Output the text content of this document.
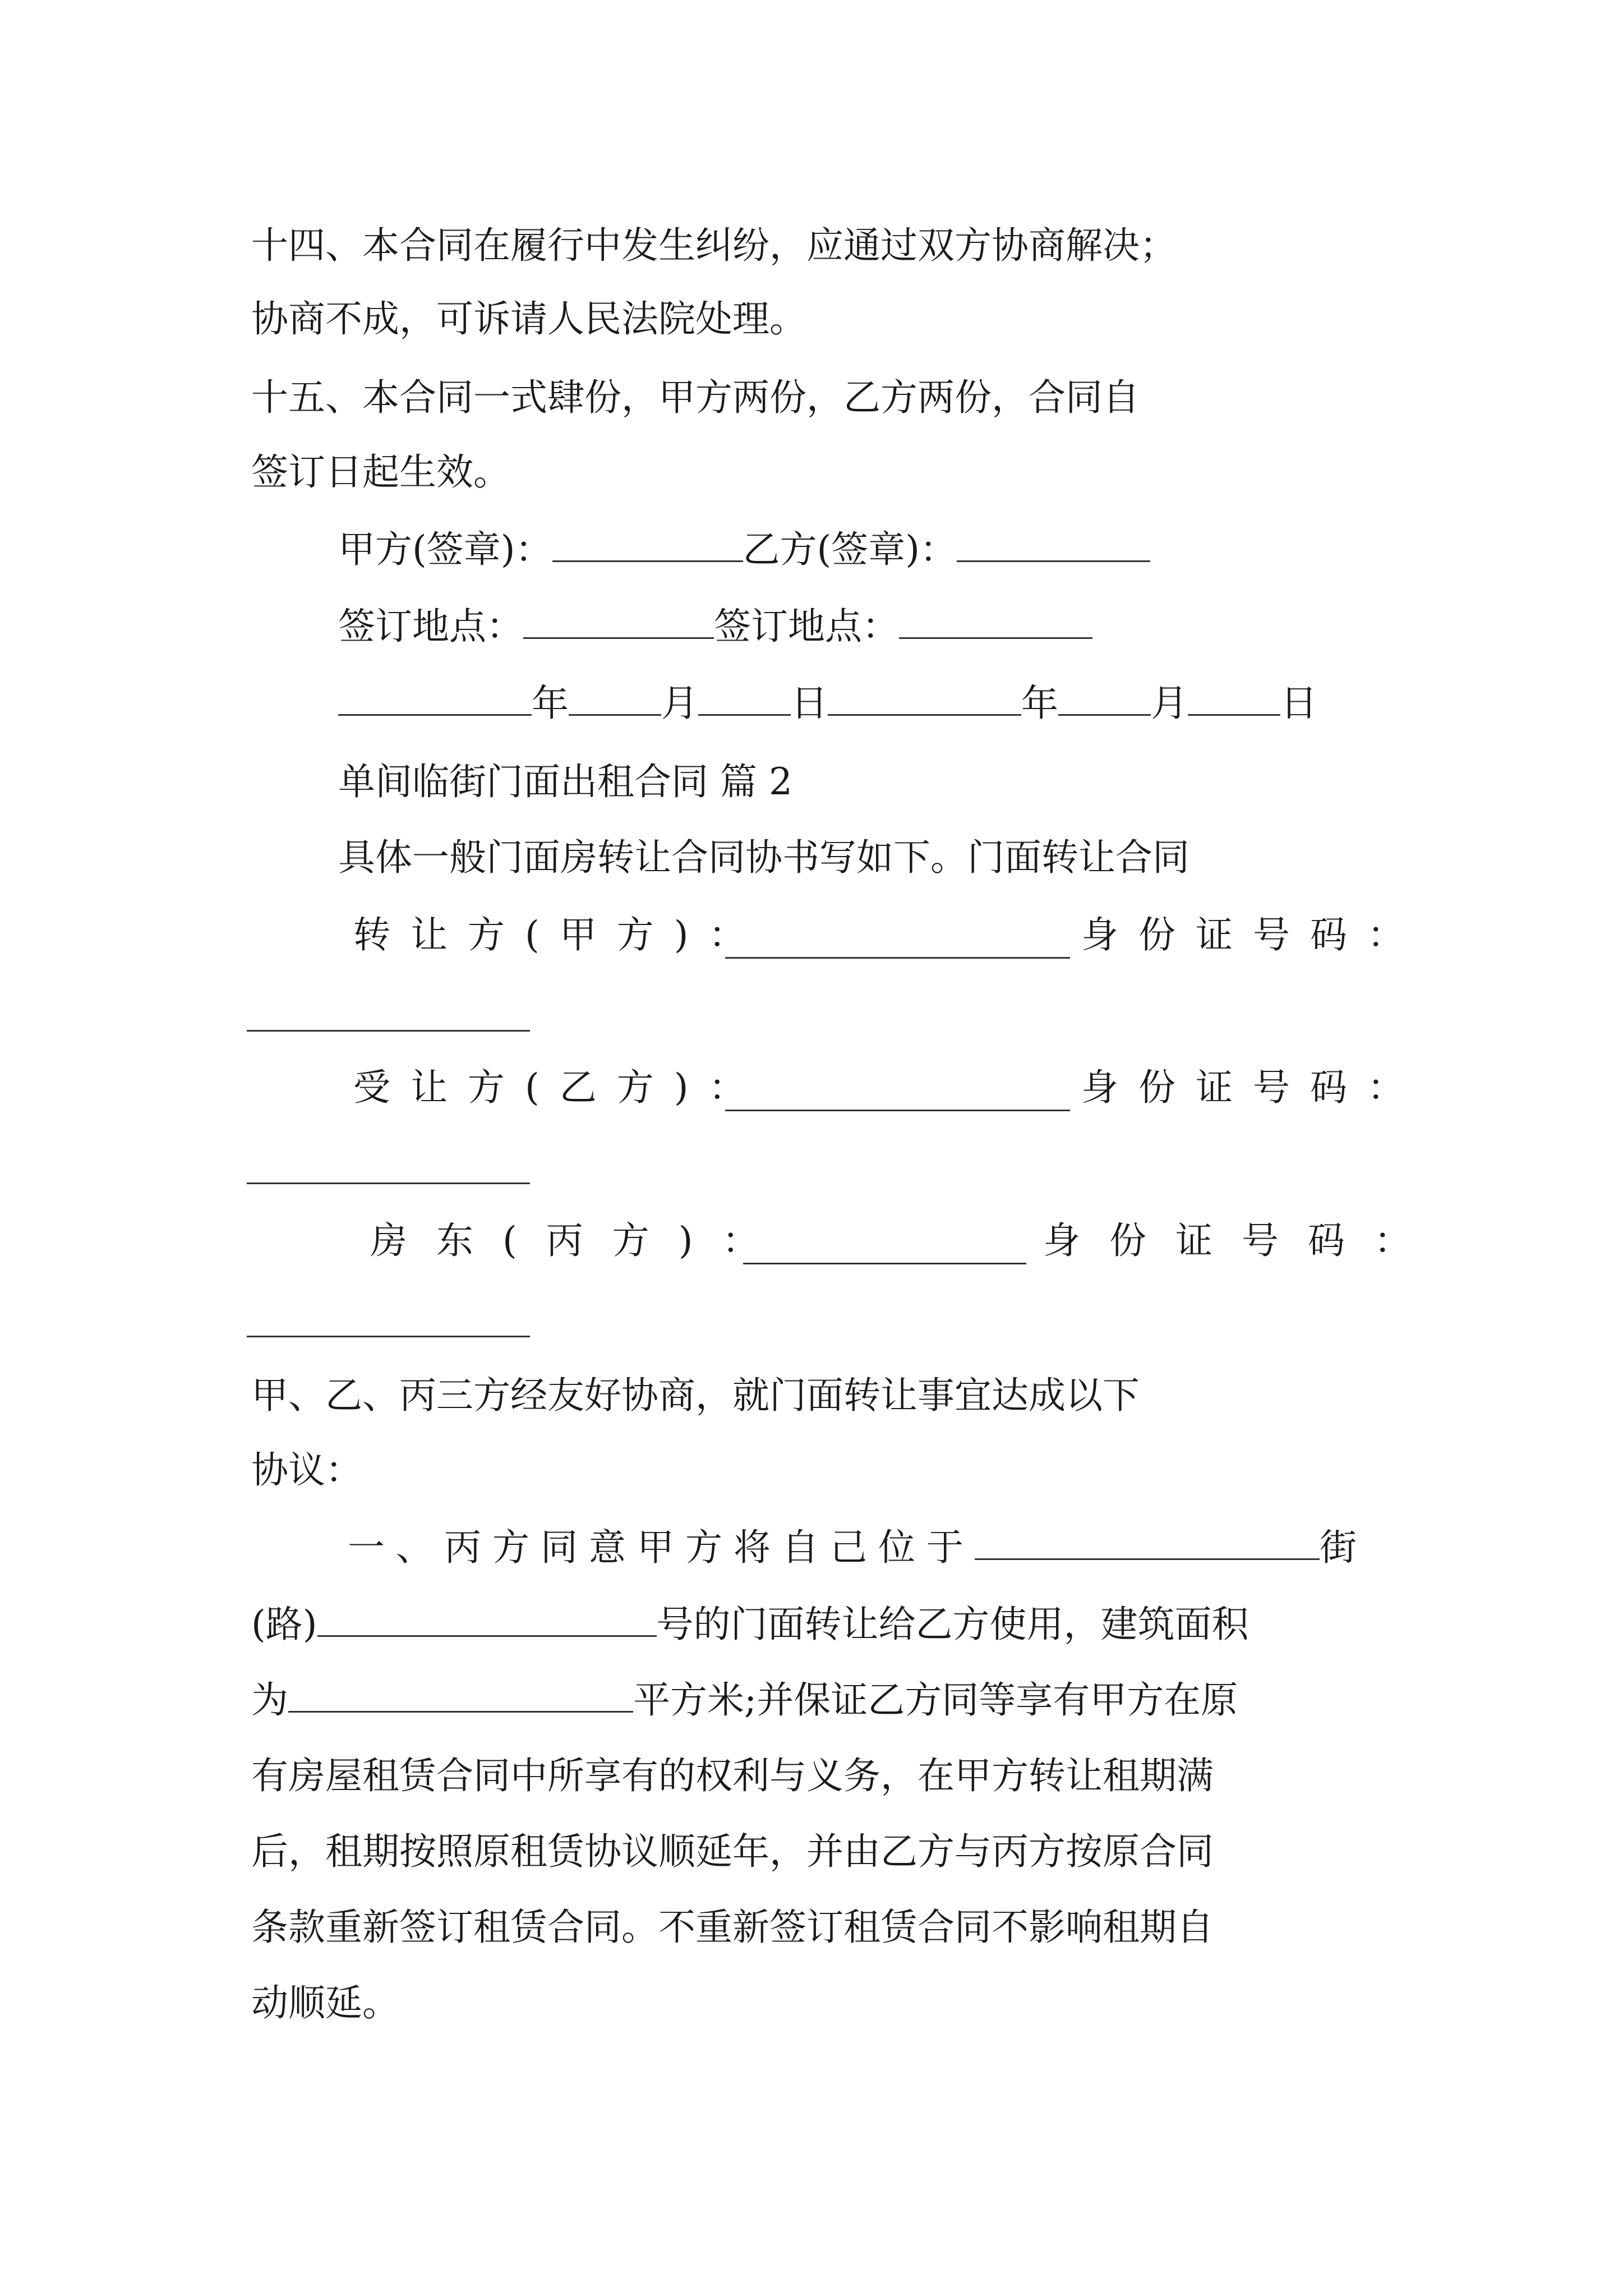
十四、本合同在履行中发生纠纷，应通过双方协商解决；
协商不成，可诉请人民法院处理。
十五、本合同一式肆份，甲方两份，乙方两份，合同自
签订日起生效。
甲方(签章)：	乙方(签章)：
签订地点：	签订地点：
年	月	日	年	月	日
单间临街门面出租合同 篇 2
具体一般门面房转让合同协书写如下。门面转让合同
转让方(甲方)：	身份证号码：
受让方(乙方)：	身份证号码：
房东(丙方)：	身份证号码：
甲、乙、丙三方经友好协商，就门面转让事宜达成以下
协议：
一、丙方同意甲方将自己位于	街
(路)	号的门面转让给乙方使用，建筑面积
为	平方米;并保证乙方同等享有甲方在原
有房屋租赁合同中所享有的权利与义务，在甲方转让租期满
后，租期按照原租赁协议顺延年，并由乙方与丙方按原合同
条款重新签订租赁合同。不重新签订租赁合同不影响租期自
动顺延。
